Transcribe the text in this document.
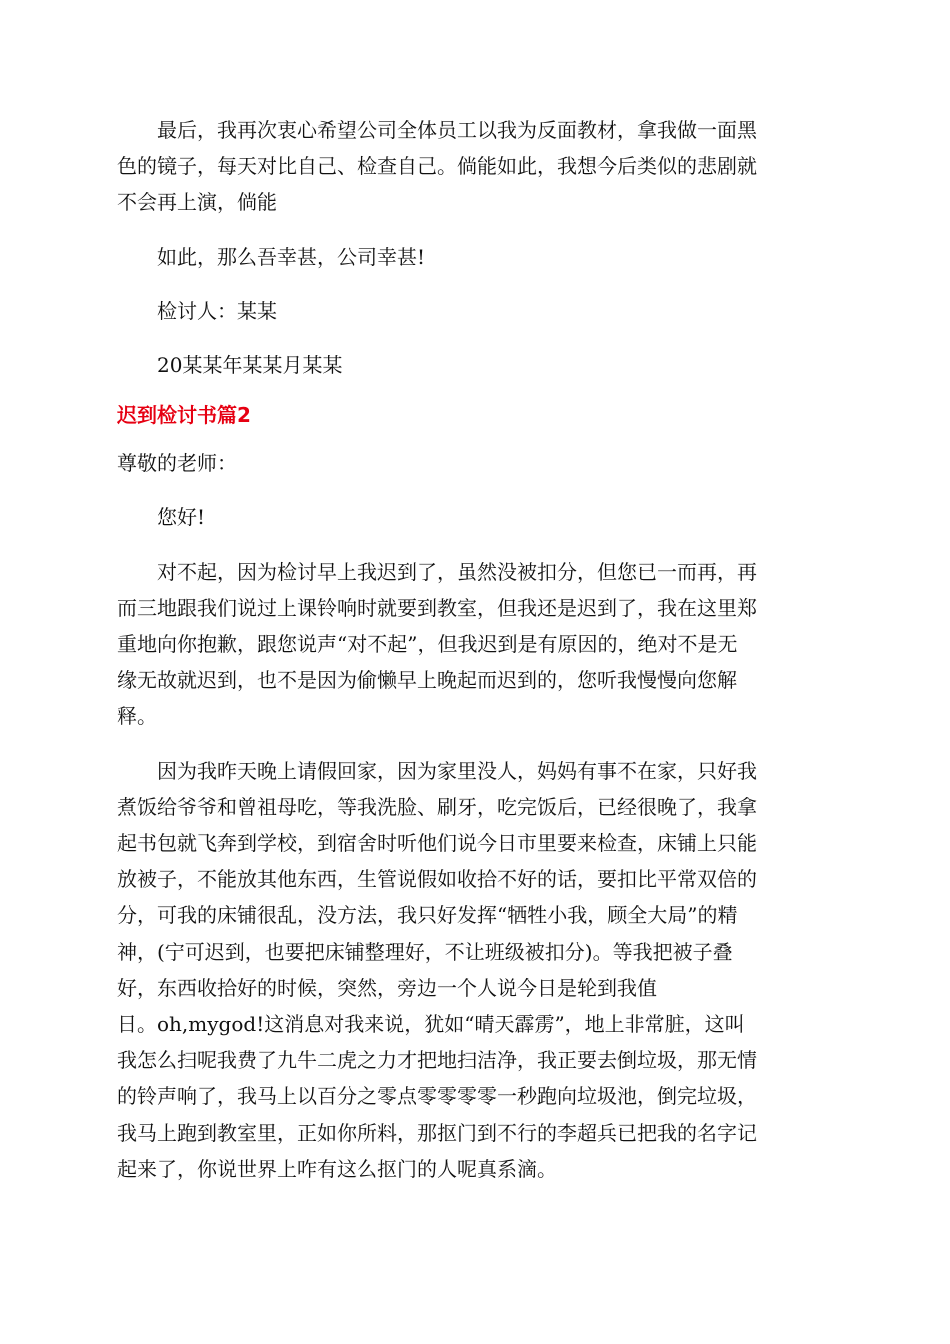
最后，我再次衷心希望公司全体员工以我为反面教材，拿我做一面黑
色的镜子，每天对比自己、检查自己。倘能如此，我想今后类似的悲剧就
不会再上演，倘能

如此，那么吾幸甚，公司幸甚!

检讨人：某某

20某某年某某月某某

迟到检讨书篇2

尊敬的老师：

您好!

对不起，因为检讨早上我迟到了，虽然没被扣分，但您已一而再，再
而三地跟我们说过上课铃响时就要到教室，但我还是迟到了，我在这里郑
重地向你抱歉，跟您说声“对不起”，但我迟到是有原因的，绝对不是无
缘无故就迟到，也不是因为偷懒早上晚起而迟到的，您听我慢慢向您解
释。

因为我昨天晚上请假回家，因为家里没人，妈妈有事不在家，只好我
煮饭给爷爷和曾祖母吃，等我洗脸、刷牙，吃完饭后，已经很晚了，我拿
起书包就飞奔到学校，到宿舍时听他们说今日市里要来检查，床铺上只能
放被子，不能放其他东西，生管说假如收拾不好的话，要扣比平常双倍的
分，可我的床铺很乱，没方法，我只好发挥“牺牲小我，顾全大局”的精
神，(宁可迟到，也要把床铺整理好，不让班级被扣分)。等我把被子叠
好，东西收拾好的时候，突然，旁边一个人说今日是轮到我值
日。oh,mygod!这消息对我来说，犹如“晴天霹雳”，地上非常脏，这叫
我怎么扫呢我费了九牛二虎之力才把地扫洁净，我正要去倒垃圾，那无情
的铃声响了，我马上以百分之零点零零零零一秒跑向垃圾池，倒完垃圾，
我马上跑到教室里，正如你所料，那抠门到不行的李超兵已把我的名字记
起来了，你说世界上咋有这么抠门的人呢真系滴。
